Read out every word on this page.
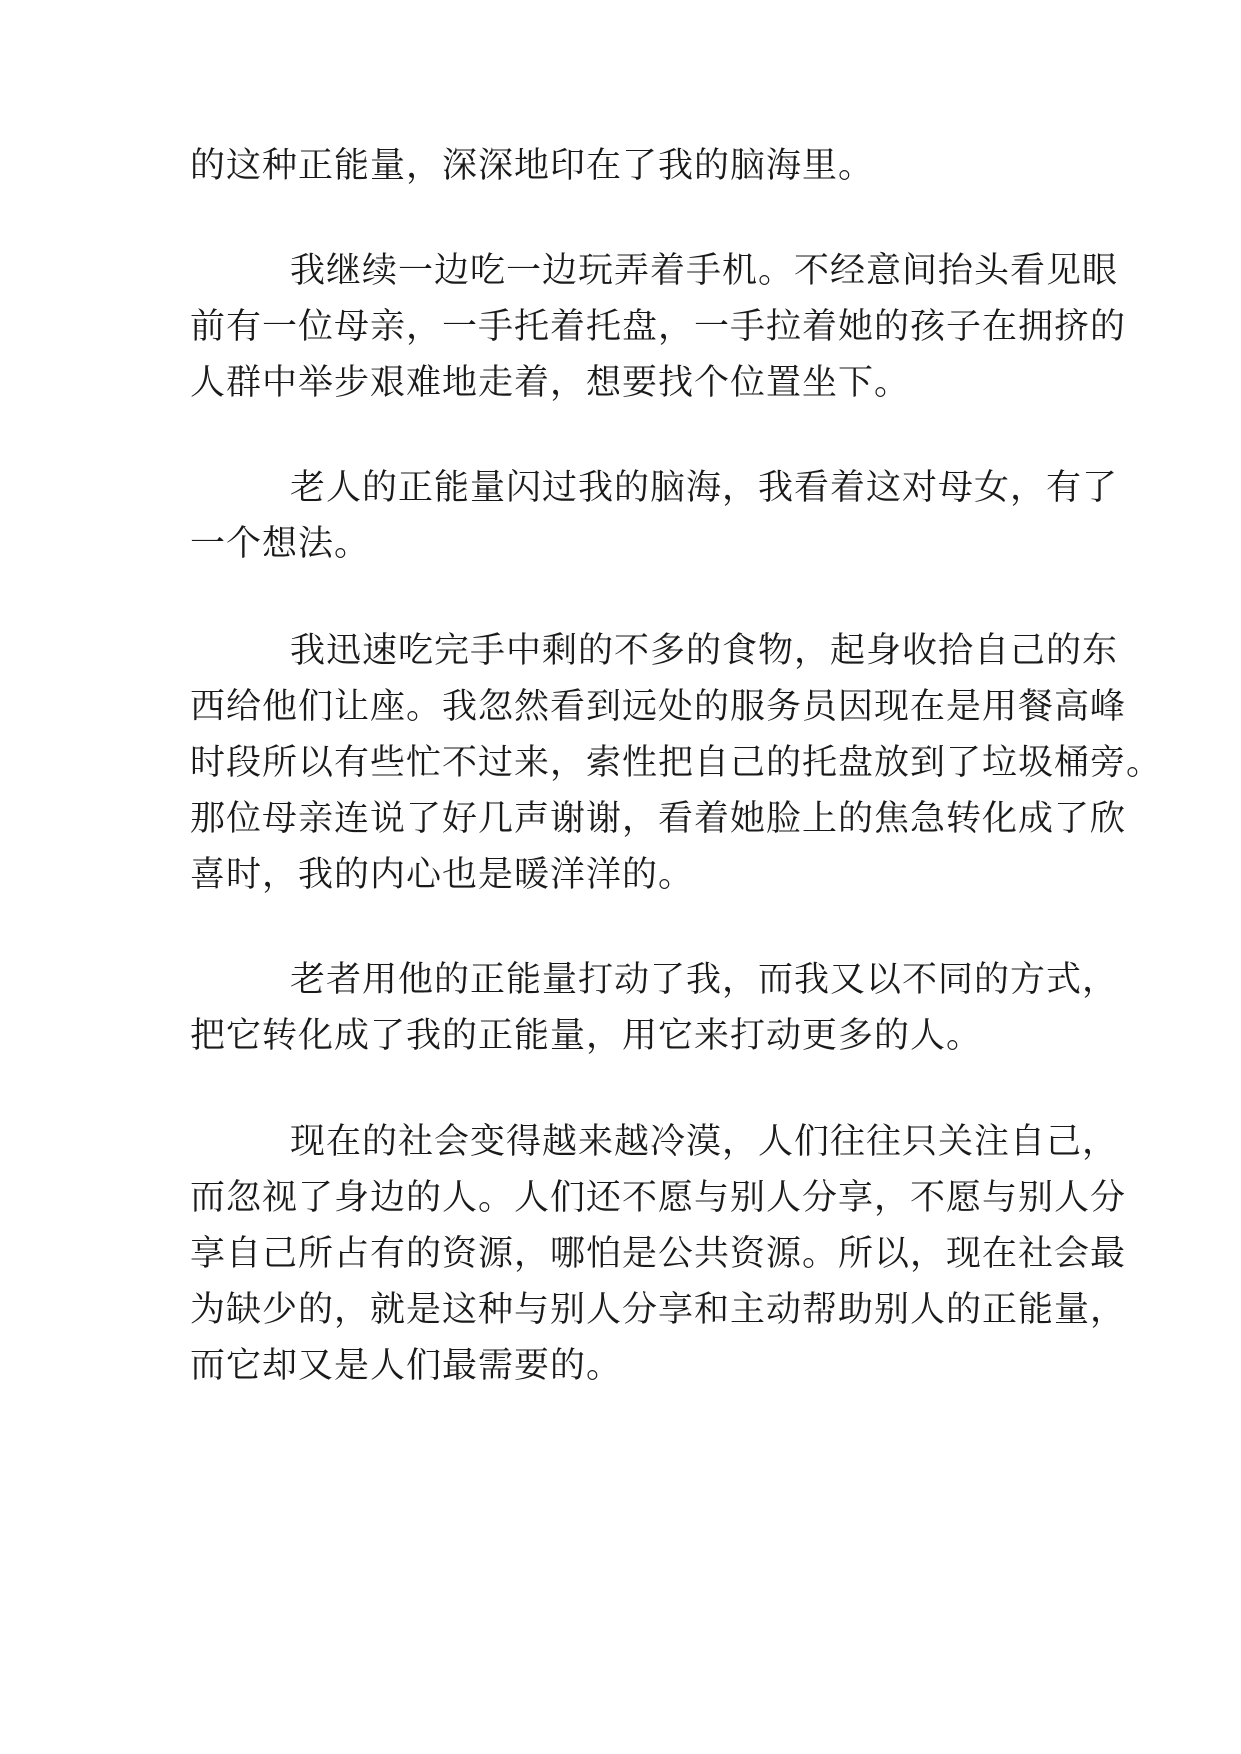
的这种正能量，深深地印在了我的脑海里。

我继续一边吃一边玩弄着手机。不经意间抬头看见眼

前有一位母亲，一手托着托盘，一手拉着她的孩子在拥挤的

人群中举步艰难地走着，想要找个位置坐下。

老人的正能量闪过我的脑海，我看着这对母女，有了

一个想法。

我迅速吃完手中剩的不多的食物，起身收拾自己的东

西给他们让座。我忽然看到远处的服务员因现在是用餐高峰

时段所以有些忙不过来，索性把自己的托盘放到了垃圾桶旁。

那位母亲连说了好几声谢谢，看着她脸上的焦急转化成了欣

喜时，我的内心也是暖洋洋的。

老者用他的正能量打动了我，而我又以不同的方式，

把它转化成了我的正能量，用它来打动更多的人。

现在的社会变得越来越冷漠，人们往往只关注自己，

而忽视了身边的人。人们还不愿与别人分享，不愿与别人分

享自己所占有的资源，哪怕是公共资源。所以，现在社会最

为缺少的，就是这种与别人分享和主动帮助别人的正能量，

而它却又是人们最需要的。
